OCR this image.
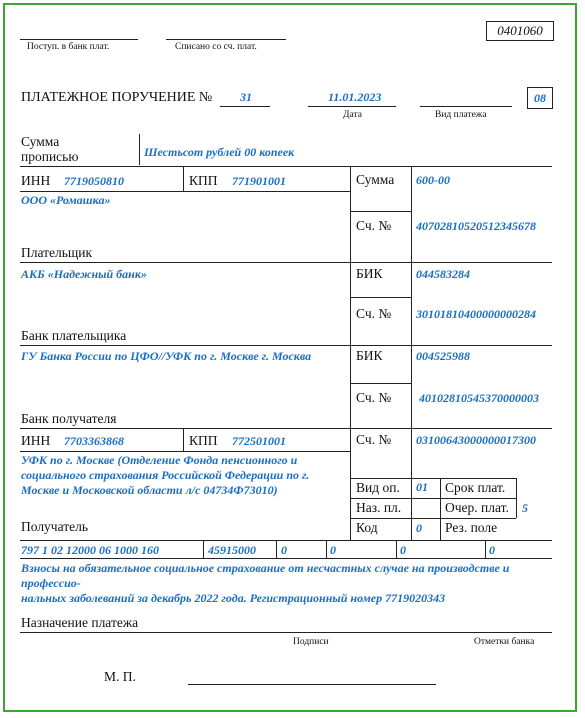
0401060
Поступ. в банк плат.	Списано со сч. плат.
ПЛАТЕЖНОЕ ПОРУЧЕНИЕ № 31	11.01.2023
Дата	Вид платежа
08
Сумма
прописью	Шестьсот рублей 00 копеек
ИНН 7719050810	КПП 771901001
ООО «Ромашка»
Плательщик
Сумма 600-00
Сч. № 40702810520512345678
АКБ «Надежный банк»	БИК	044583284
Сч. № 30101810400000000284
Банк плательщика
ГУ Банка России по ЦФО//УФК по г. Москве г. Москва	БИК	004525988
Сч. № 40102810545370000003
Банк получателя
ИНН 7703363868	КПП 772501001	Сч. № 03100643000000017300
УФК по г. Москве (Отделение Фонда пенсионного и социального страхования Российской Федерации по г. Москве и Московской области л/с 04734Ф73010)
Получатель
Вид оп. 01 Срок плат.
Наз. пл.	Очер. плат. 5
Код	0 Рез. поле
797 1 02 12000 06 1000 160	45915000 0	0	0	0
Взносы на обязательное социальное страхование от несчастных случае на производстве и профессио-
нальных заболеваний за декабрь 2022 года. Регистрационный номер 7719020343
Назначение платежа
Подписи	Отметки банка
М. П.
